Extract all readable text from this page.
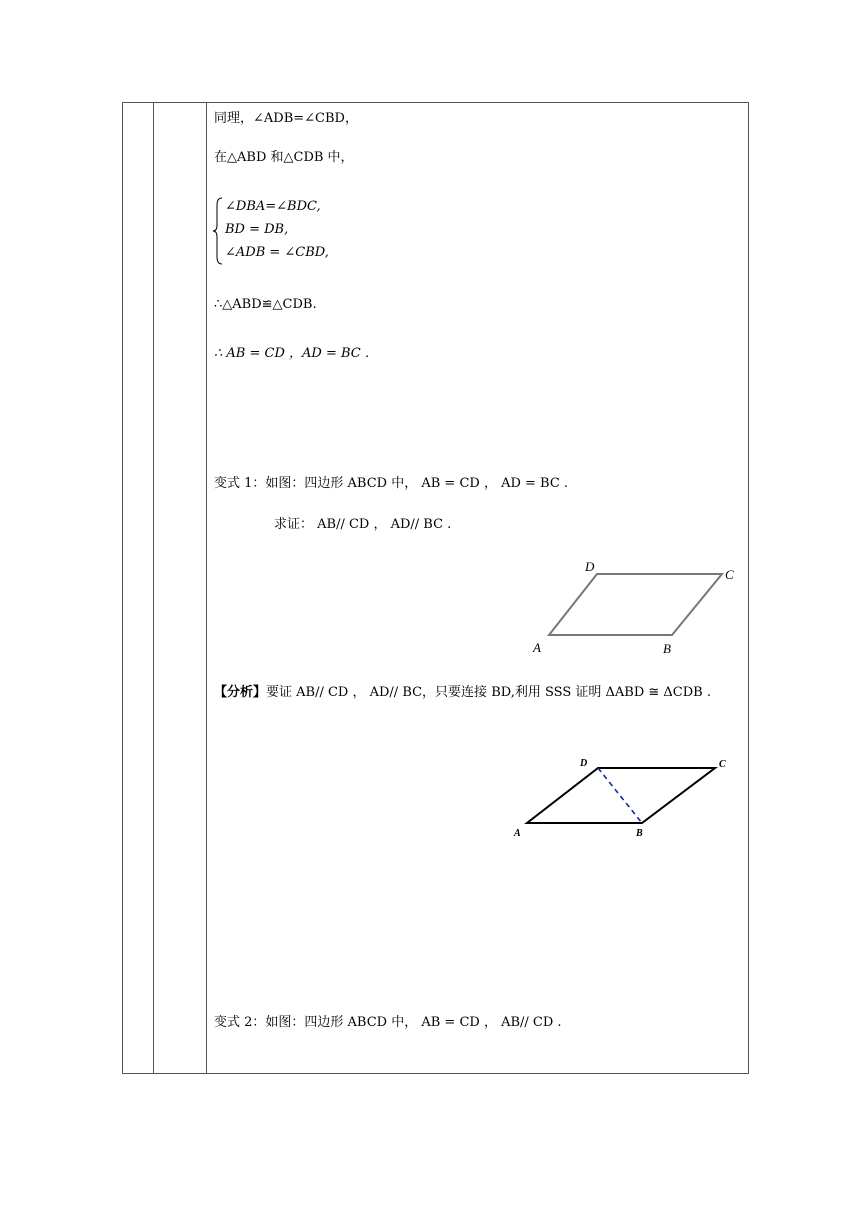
同理，∠ADB=∠CBD，
在△ABD 和△CDB 中，
∠DBA=∠BDC,
BD = DB,
∠ADB = ∠CBD,
∴△ABD≌△CDB.
∴ AB = CD ，AD = BC ．
变式 1：如图：四边形 ABCD 中， AB = CD ， AD = BC .
求证： AB// CD ， AD// BC .
D
C
A	B
【分析】要证 AB// CD ， AD// BC，只要连接 BD,利用 SSS 证明 ΔABD ≅ ΔCDB .
D	C
A	B
变式 2：如图：四边形 ABCD 中， AB = CD ， AB// CD .
